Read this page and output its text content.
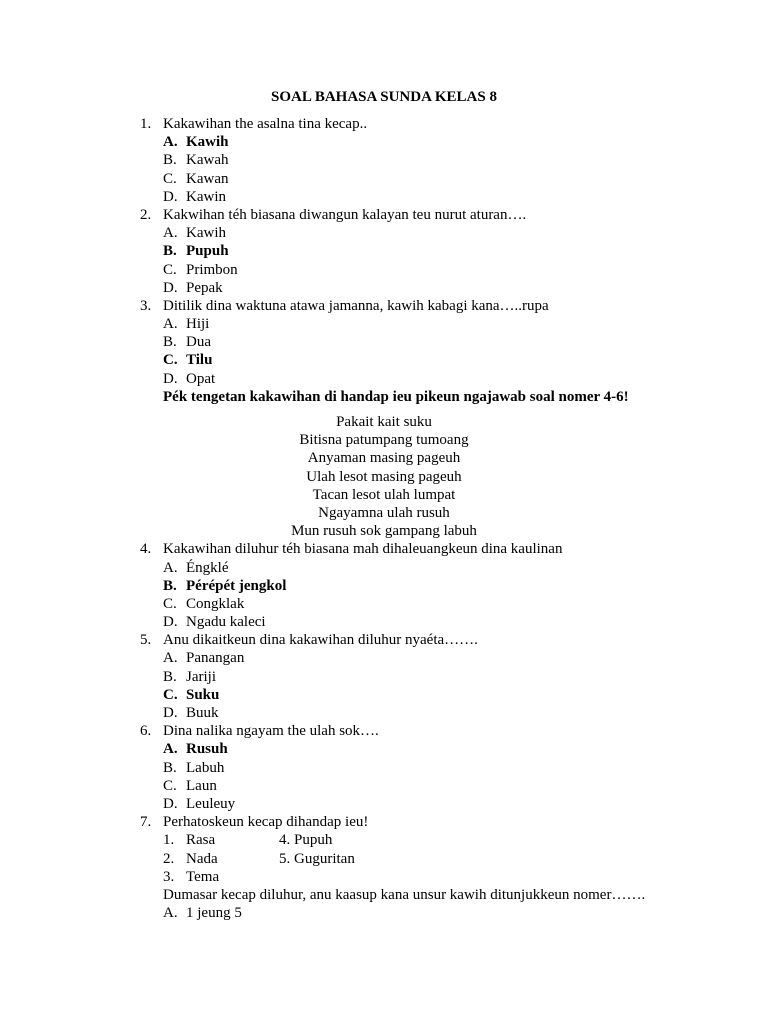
SOAL BAHASA SUNDA KELAS 8
1. Kakawihan the asalna tina kecap..
A. Kawih
B. Kawah
C. Kawan
D. Kawin
2. Kakwihan téh biasana diwangun kalayan teu nurut aturan….
A. Kawih
B. Pupuh
C. Primbon
D. Pepak
3. Ditilik dina waktuna atawa jamanna, kawih kabagi kana…..rupa
A. Hiji
B. Dua
C. Tilu
D. Opat
Pék tengetan kakawihan di handap ieu pikeun ngajawab soal nomer 4-6!
Pakait kait suku
Bitisna patumpang tumoang
Anyaman masing pageuh
Ulah lesot masing pageuh
Tacan lesot ulah lumpat
Ngayamna ulah rusuh
Mun rusuh sok gampang labuh
4. Kakawihan diluhur téh biasana mah dihaleuangkeun dina kaulinan
A. Éngklé
B. Pérépét jengkol
C. Congklak
D. Ngadu kaleci
5. Anu dikaitkeun dina kakawihan diluhur nyaéta…….
A. Panangan
B. Jariji
C. Suku
D. Buuk
6. Dina nalika ngayam the ulah sok….
A. Rusuh
B. Labuh
C. Laun
D. Leuleuy
7. Perhatoskeun kecap dihandap ieu!
1. Rasa	4. Pupuh
2. Nada	5. Guguritan
3. Tema
Dumasar kecap diluhur, anu kaasup kana unsur kawih ditunjukkeun nomer…….
A. 1 jeung 5
